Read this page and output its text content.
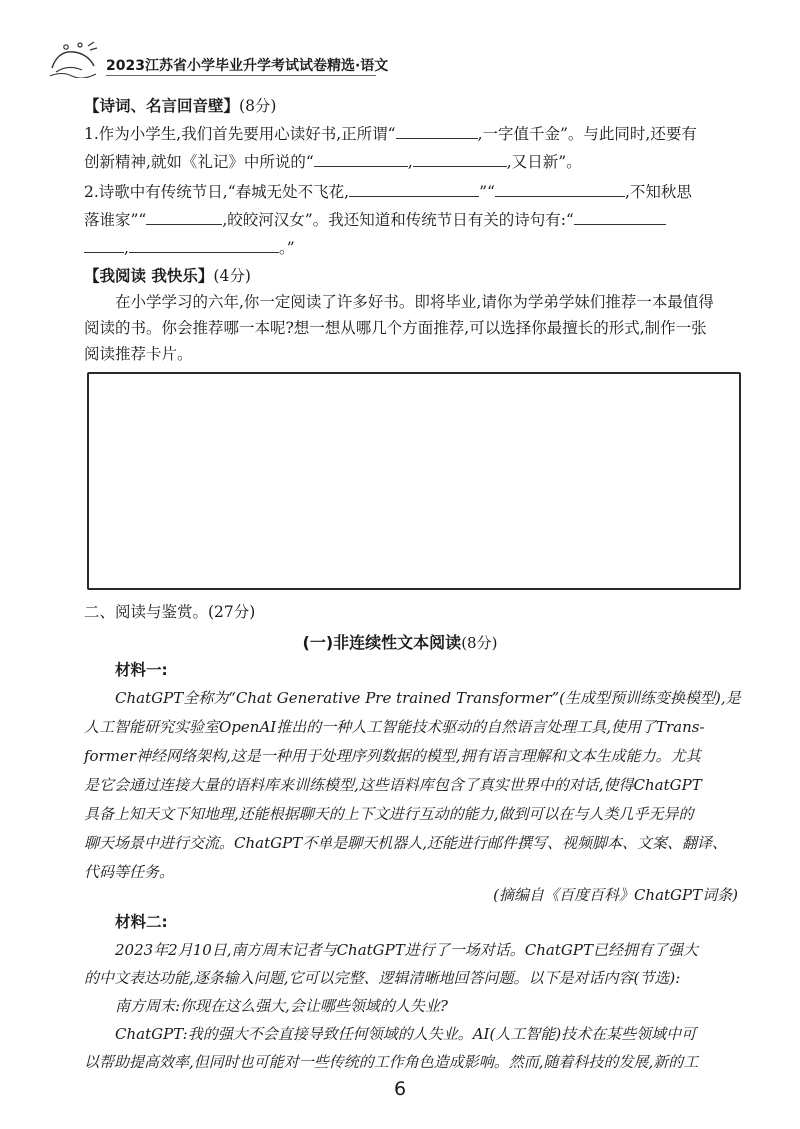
2023江苏省小学毕业升学考试试卷精选·语文
【诗词、名言回音壁】(8分)
1.作为小学生,我们首先要用心读好书,正所谓“	,一字值千金”。与此同时,还要有
创新精神,就如《礼记》中所说的“	,	,又日新”。
2.诗歌中有传统节日,“春城无处不飞花,	”“	,不知秋思
落谁家”“	,皎皎河汉女”。我还知道和传统节日有关的诗句有:“
,	。”
【我阅读 我快乐】(4分)
在小学学习的六年,你一定阅读了许多好书。即将毕业,请你为学弟学妹们推荐一本最值得
阅读的书。你会推荐哪一本呢?想一想从哪几个方面推荐,可以选择你最擅长的形式,制作一张
阅读推荐卡片。
二、阅读与鉴赏。(27分)
(一)非连续性文本阅读(8分)
材料一:
ChatGPT全称为“Chat Generative Pre trained Transformer”(生成型预训练变换模型),是
人工智能研究实验室OpenAI推出的一种人工智能技术驱动的自然语言处理工具,使用了Trans-
former神经网络架构,这是一种用于处理序列数据的模型,拥有语言理解和文本生成能力。尤其
是它会通过连接大量的语料库来训练模型,这些语料库包含了真实世界中的对话,使得ChatGPT
具备上知天文下知地理,还能根据聊天的上下文进行互动的能力,做到可以在与人类几乎无异的
聊天场景中进行交流。ChatGPT不单是聊天机器人,还能进行邮件撰写、视频脚本、文案、翻译、
代码等任务。
(摘编自《百度百科》ChatGPT词条)
材料二:
2023年2月10日,南方周末记者与ChatGPT进行了一场对话。ChatGPT已经拥有了强大
的中文表达功能,逐条输入问题,它可以完整、逻辑清晰地回答问题。以下是对话内容(节选):
南方周末:你现在这么强大,会让哪些领域的人失业?
ChatGPT:我的强大不会直接导致任何领域的人失业。AI(人工智能)技术在某些领域中可
以帮助提高效率,但同时也可能对一些传统的工作角色造成影响。然而,随着科技的发展,新的工
6
